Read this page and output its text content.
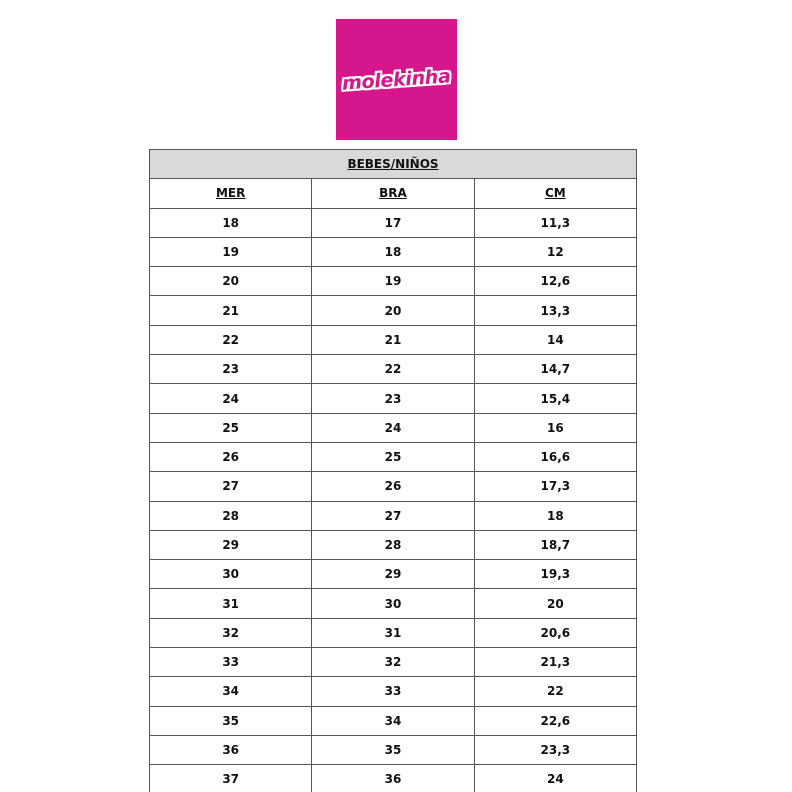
molekinha
BEBES/NIÑOS		
MER	BRA	CM
18	17	11,3
19	18	12
20	19	12,6
21	20	13,3
22	21	14
23	22	14,7
24	23	15,4
25	24	16
26	25	16,6
27	26	17,3
28	27	18
29	28	18,7
30	29	19,3
31	30	20
32	31	20,6
33	32	21,3
34	33	22
35	34	22,6
36	35	23,3
37	36	24
